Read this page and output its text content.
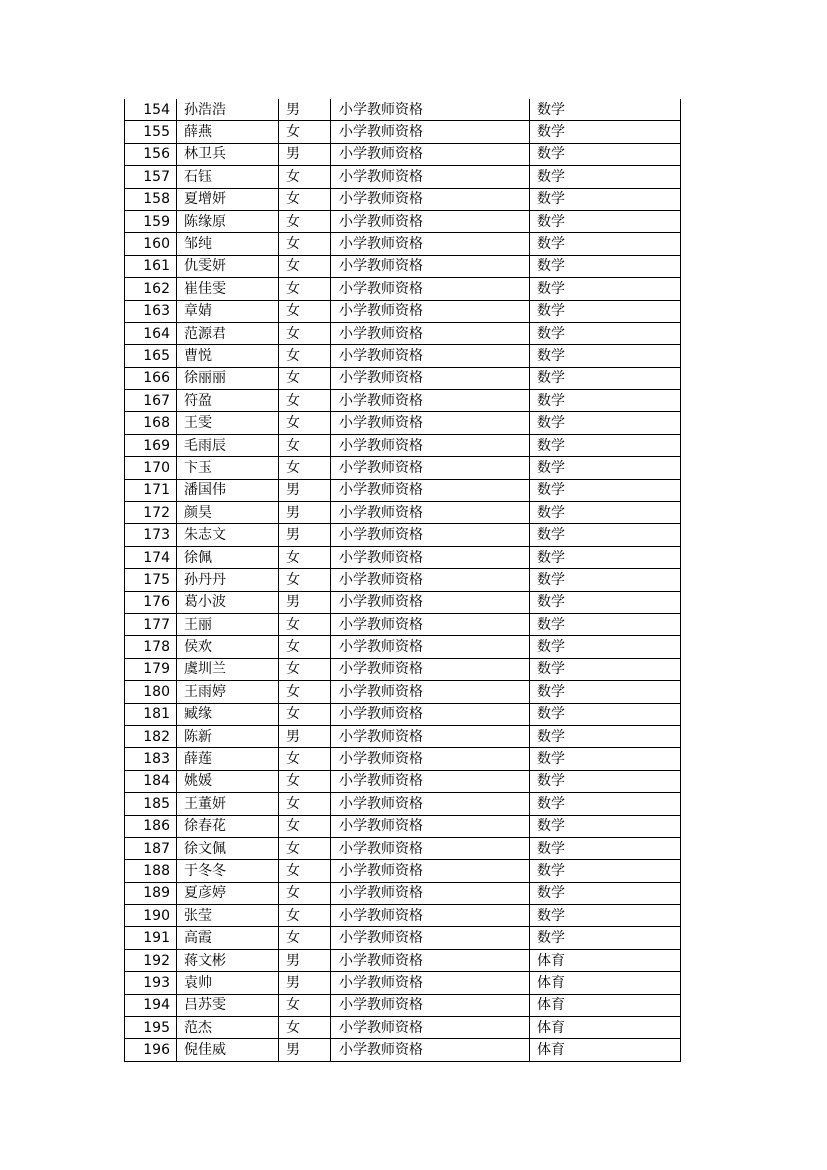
154	孙浩浩	男	小学教师资格	数学
155	薛燕	女	小学教师资格	数学
156	林卫兵	男	小学教师资格	数学
157	石钰	女	小学教师资格	数学
158	夏增妍	女	小学教师资格	数学
159	陈缘原	女	小学教师资格	数学
160	邹纯	女	小学教师资格	数学
161	仇雯妍	女	小学教师资格	数学
162	崔佳雯	女	小学教师资格	数学
163	章婧	女	小学教师资格	数学
164	范源君	女	小学教师资格	数学
165	曹悦	女	小学教师资格	数学
166	徐丽丽	女	小学教师资格	数学
167	符盈	女	小学教师资格	数学
168	王雯	女	小学教师资格	数学
169	毛雨辰	女	小学教师资格	数学
170	卞玉	女	小学教师资格	数学
171	潘国伟	男	小学教师资格	数学
172	颜昊	男	小学教师资格	数学
173	朱志文	男	小学教师资格	数学
174	徐佩	女	小学教师资格	数学
175	孙丹丹	女	小学教师资格	数学
176	葛小波	男	小学教师资格	数学
177	王丽	女	小学教师资格	数学
178	侯欢	女	小学教师资格	数学
179	虞圳兰	女	小学教师资格	数学
180	王雨婷	女	小学教师资格	数学
181	臧缘	女	小学教师资格	数学
182	陈新	男	小学教师资格	数学
183	薛莲	女	小学教师资格	数学
184	姚媛	女	小学教师资格	数学
185	王董妍	女	小学教师资格	数学
186	徐春花	女	小学教师资格	数学
187	徐文佩	女	小学教师资格	数学
188	于冬冬	女	小学教师资格	数学
189	夏彦婷	女	小学教师资格	数学
190	张莹	女	小学教师资格	数学
191	高霞	女	小学教师资格	数学
192	蒋文彬	男	小学教师资格	体育
193	袁帅	男	小学教师资格	体育
194	吕苏雯	女	小学教师资格	体育
195	范杰	女	小学教师资格	体育
196	倪佳威	男	小学教师资格	体育
